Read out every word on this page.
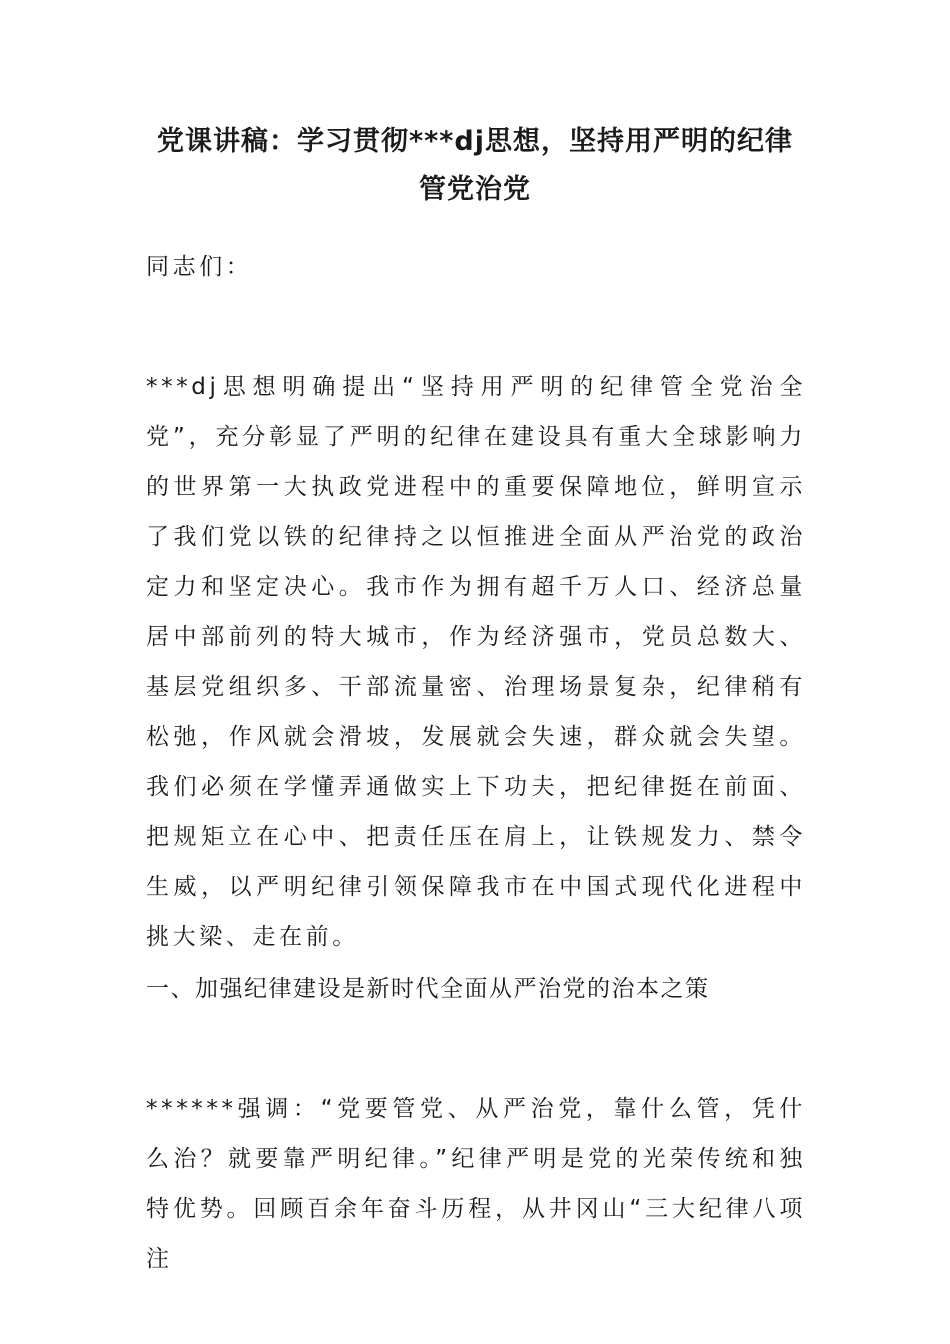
党课讲稿：学习贯彻***dj思想，坚持用严明的纪律
管党治党
同志们：
***dj思想明确提出“坚持用严明的纪律管全党治全党”，充分彰显了严明的纪律在建设具有重大全球影响力的世界第一大执政党进程中的重要保障地位，鲜明宣示了我们党以铁的纪律持之以恒推进全面从严治党的政治定力和坚定决心。我市作为拥有超千万人口、经济总量居中部前列的特大城市，作为经济强市，党员总数大、基层党组织多、干部流量密、治理场景复杂，纪律稍有松弛，作风就会滑坡，发展就会失速，群众就会失望。我们必须在学懂弄通做实上下功夫，把纪律挺在前面、把规矩立在心中、把责任压在肩上，让铁规发力、禁令生威，以严明纪律引领保障我市在中国式现代化进程中挑大梁、走在前。
一、加强纪律建设是新时代全面从严治党的治本之策
******强调：“党要管党、从严治党，靠什么管，凭什么治？就要靠严明纪律。”纪律严明是党的光荣传统和独特优势。回顾百余年奋斗历程，从井冈山“三大纪律八项注
